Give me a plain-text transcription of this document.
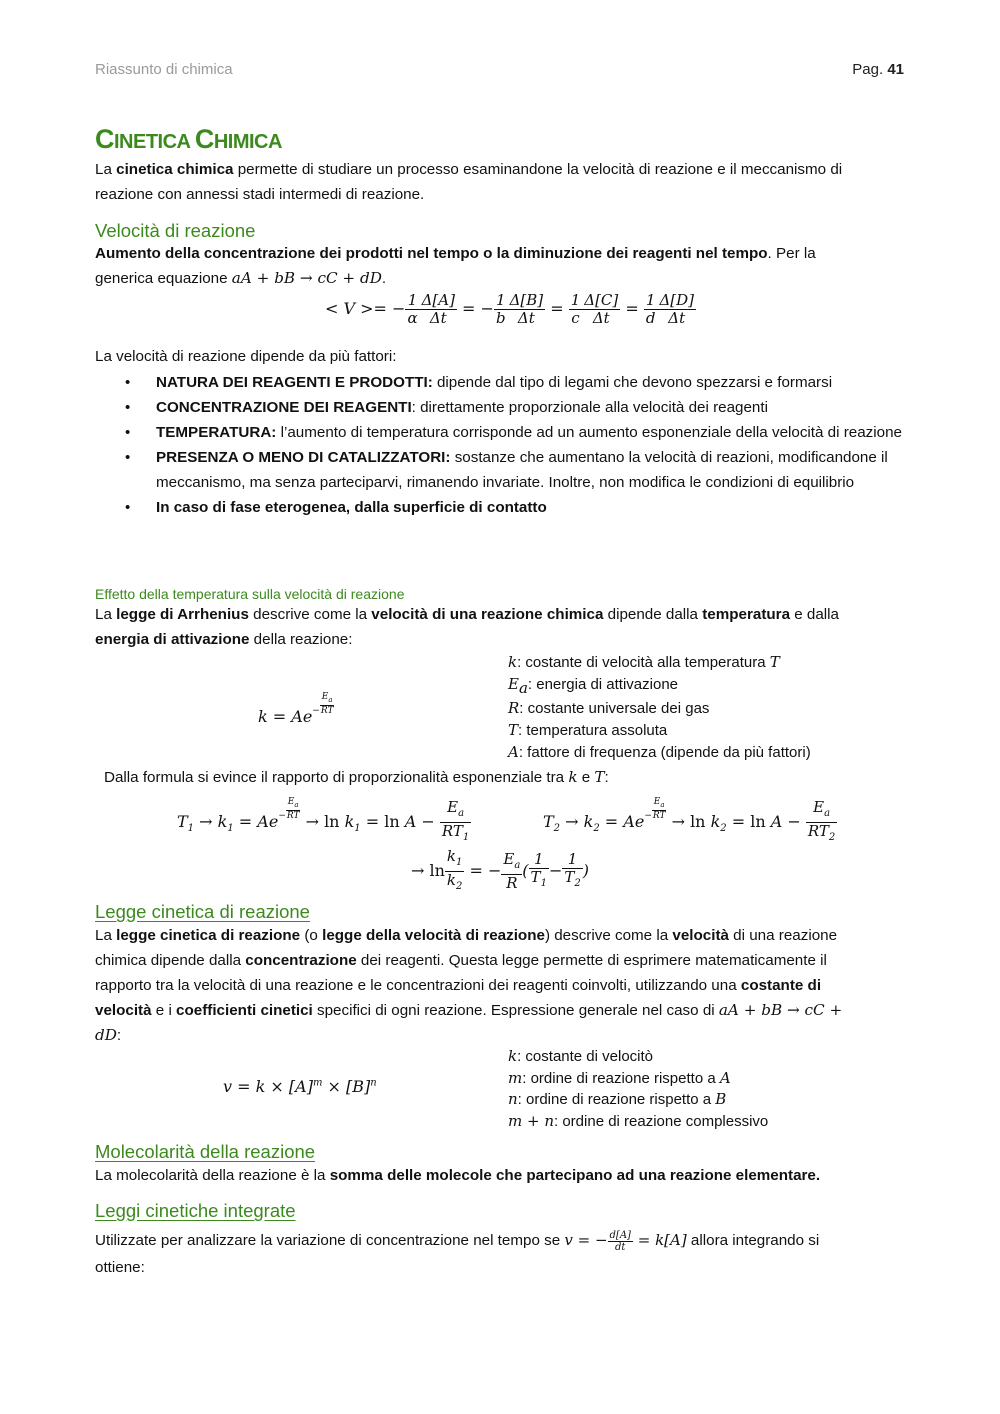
Riassunto di chimica	Pag. 41
CINETICA CHIMICA

La cinetica chimica permette di studiare un processo esaminandone la velocità di reazione e il meccanismo di

reazione con annessi stadi intermedi di reazione.

Velocità di reazione

Aumento della concentrazione dei prodotti nel tempo o la diminuzione dei reagenti nel tempo. Per la

generica equazione aA + bB → cC + dD.

< V >= − $\frac{1}{\alpha} \frac{\Delta[A]}{\Delta t}$ = − $\frac{1}{b} \frac{\Delta[B]}{\Delta t} = \frac{1}{c} \frac{\Delta[C]}{\Delta t} = \frac{1}{d} \frac{\Delta[D]}{\Delta t}$

La velocità di reazione dipende da più fattori:

• NATURA DEI REAGENTI E PRODOTTI: dipende dal tipo di legami che devono spezzarsi e formarsi
• CONCENTRAZIONE DEI REAGENTI: direttamente proporzionale alla velocità dei reagenti
• TEMPERATURA: l’aumento di temperatura corrisponde ad un aumento esponenziale della velocità di reazione
• PRESENZA O MENO DI CATALIZZATORI: sostanze che aumentano la velocità di reazioni, modificandone il meccanismo, ma senza parteciparvi, rimanendo invariate. Inoltre, non modifica le condizioni di equilibrio
• In caso di fase eterogenea, dalla superficie di contatto
Effetto della temperatura sulla velocità di reazione

La legge di Arrhenius descrive come la velocità di una reazione chimica dipende dalla temperatura e dalla

energia di attivazione della reazione:

$k = Ae- \frac{E_a}{RT}$
k: costante di velocità alla temperatura T
$E_a$: energia di attivazione
R: costante universale dei gas
T: temperatura assoluta
A: fattore di frequenza (dipende da più fattori)

Dalla formula si evince il rapporto di proporzionalità esponenziale tra k e T:

$T_1 \to k_1 = Ae- \frac{E_a}{RT}$
→ $\ln k_1 = \ln A - \frac{E_a}{RT_1}$	$T_2 \to k_2 = Ae- \frac{E_a}{RT}$
→ $\ln k_2 = \ln A - \frac{E_a}{RT_2}$
→ $\ln \frac{k_1}{k_2}$ = − $\frac{E_a}{R}$ ( $\frac{1}{T_1} - \frac{1}{T_2}$ )
Legge cinetica di reazione

La legge cinetica di reazione (o legge della velocità di reazione) descrive come la velocità di una reazione

chimica dipende dalla concentrazione dei reagenti. Questa legge permette di esprimere matematicamente il

rapporto tra la velocità di una reazione e le concentrazioni dei reagenti coinvolti, utilizzando una costante di

velocità e i coefficienti cinetici specifici di ogni reazione. Espressione generale nel caso di aA + bB → cC +

dD:

$v = k \times [A]^m \times [B]^n$
k: costante di velocitò
m: ordine di reazione rispetto a A
n: ordine di reazione rispetto a B
m + n: ordine di reazione complessivo
Molecolarità della reazione

La molecolarità della reazione è la somma delle molecole che partecipano ad una reazione elementare.

Leggi cinetiche integrate

Utilizzate per analizzare la variazione di concentrazione nel tempo se v = − $\frac{d[A]}{dt} = k[A]$ allora integrando si

ottiene:
